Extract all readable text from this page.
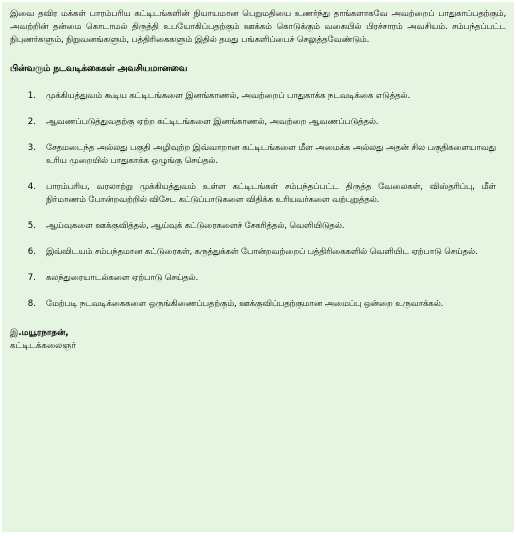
இவை தவிர மக்கள் பாரம்பரிய கட்டிடங்களின் நியாயமான பெறுமதியை உணர்ந்து தாங்களாகவே அவற்றைப் பாதுகாப்பதற்கும், அவற்றின் தன்மை கொடாமல் திருத்தி உபயோகிப்பதற்கும் ஊக்கம் கொடுக்கும் வகையில் பிரச்சாரம் அவசியம். சம்பந்தப்பட்ட நிபுணர்களும், நிறுவனங்களும், பத்திரிகைகளும் இதில் தமது பங்களிப்பைச் செலுத்தவேண்டும்.

பின்வரும் நடவடிக்கைகள் அவசியமானவை
1.	முக்கியத்துவம் கூடிய கட்டிடங்களை இனங்காணல், அவற்றைப் பாதுகாக்க நடவடிக்கை எடுத்தல்.
2.	ஆவணப்படுத்துவதற்கு ஏற்ற கட்டிடங்களை இனங்காணல், அவற்றை ஆவணப்படுத்தல்.
3.	சேதமடைந்த அல்லது பகுதி அழிவுற்ற இவ்வாறான கட்டிடங்களை மீள அமைக்க அல்லது அதன் சில பகுதிகளையாவது உரிய முறையில் பாதுகாக்க ஒழுங்கு செய்தல்.
4.	பாரம்பரிய, வரலாற்று முக்கியத்துவம் உள்ள கட்டிடங்கள் சம்பந்தப்பட்ட திருத்த வேலைகள், விஸ்தரிப்பு, மீள் நிர்மாணம் போன்றவற்றில் விசேட கட்டுப்பாடுகளை விதிக்க உரியவர்களை வற்புறுத்தல்.
5.	ஆய்வுகளை ஊக்குவித்தல், ஆய்வுக் கட்டுரைகளைச் சேகரித்தல், வெளியிடுதல்.
6.	இவ்விடயம் சம்பந்தமான கட்டுரைகள், கருத்துக்கள் போன்றவற்றைப் பத்திரிகைகளில் வெளியிட ஏற்பாடு செய்தல்.
7.	கலந்துரையாடல்களை ஏற்பாடு செய்தல்.
8.	மேற்படி நடவடிக்கைகளை ஒருங்கிணைப்பதற்கும், ஊக்குவிப்பதற்குமான அமைப்பு ஒன்றை உருவாக்கல்.
இ.மயூரநாதன்,
கட்டிடக்கலைஞர்
